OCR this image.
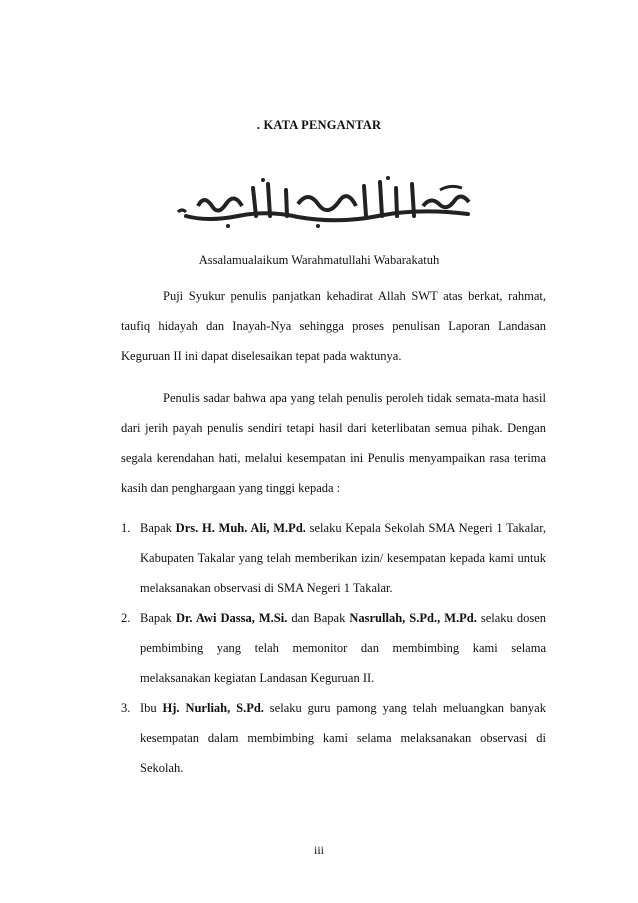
. KATA PENGANTAR
بِسْمِ اللّٰهِ الرَّحْمٰنِ الرَّحِيْمِ
Assalamualaikum Warahmatullahi Wabarakatuh

Puji Syukur penulis panjatkan kehadirat Allah SWT atas berkat, rahmat, taufiq hidayah dan Inayah-Nya sehingga proses penulisan Laporan Landasan Keguruan II ini dapat diselesaikan tepat pada waktunya.

Penulis sadar bahwa apa yang telah penulis peroleh tidak semata-mata hasil dari jerih payah penulis sendiri tetapi hasil dari keterlibatan semua pihak. Dengan segala kerendahan hati, melalui kesempatan ini Penulis menyampaikan rasa terima kasih dan penghargaan yang tinggi kepada :

1. Bapak Drs. H. Muh. Ali, M.Pd. selaku Kepala Sekolah SMA Negeri 1 Takalar, Kabupaten Takalar yang telah memberikan izin/ kesempatan kepada kami untuk melaksanakan observasi di SMA Negeri 1 Takalar.
2. Bapak Dr. Awi Dassa, M.Si. dan Bapak Nasrullah, S.Pd., M.Pd. selaku dosen pembimbing yang telah memonitor dan membimbing kami selama melaksanakan kegiatan Landasan Keguruan II.
3. Ibu Hj. Nurliah, S.Pd. selaku guru pamong yang telah meluangkan banyak kesempatan dalam membimbing kami selama melaksanakan observasi di Sekolah.
iii
